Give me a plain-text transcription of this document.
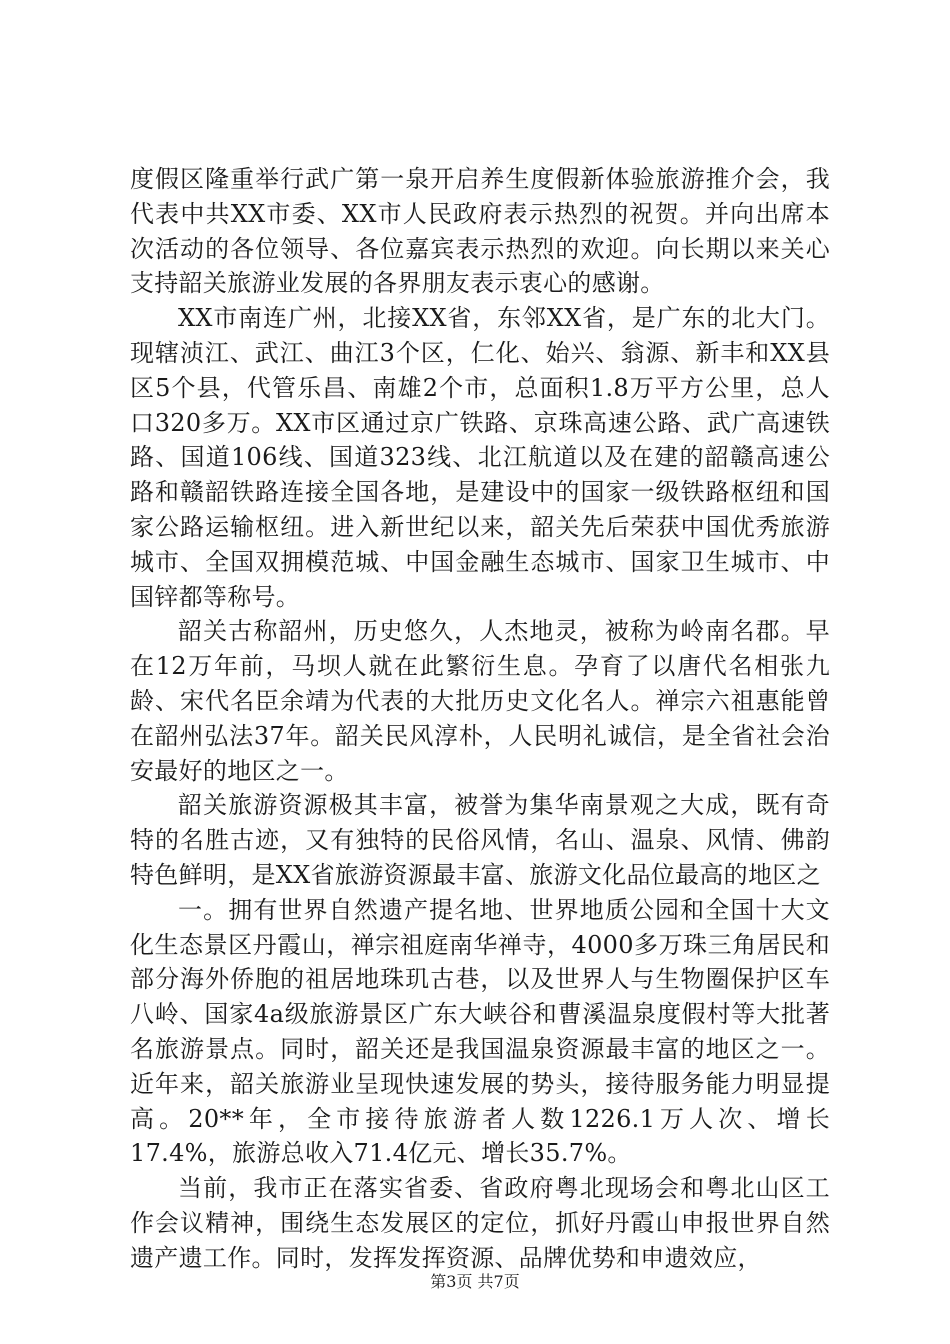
度假区隆重举行武广第一泉开启养生度假新体验旅游推介会，我代表中共XX市委、XX市人民政府表示热烈的祝贺。并向出席本次活动的各位领导、各位嘉宾表示热烈的欢迎。向长期以来关心支持韶关旅游业发展的各界朋友表示衷心的感谢。

XX市南连广州，北接XX省，东邻XX省，是广东的北大门。现辖浈江、武江、曲江3个区，仁化、始兴、翁源、新丰和XX县区5个县，代管乐昌、南雄2个市，总面积1.8万平方公里，总人口320多万。XX市区通过京广铁路、京珠高速公路、武广高速铁路、国道106线、国道323线、北江航道以及在建的韶赣高速公路和赣韶铁路连接全国各地，是建设中的国家一级铁路枢纽和国家公路运输枢纽。进入新世纪以来，韶关先后荣获中国优秀旅游城市、全国双拥模范城、中国金融生态城市、国家卫生城市、中国锌都等称号。

韶关古称韶州，历史悠久，人杰地灵，被称为岭南名郡。早在12万年前，马坝人就在此繁衍生息。孕育了以唐代名相张九龄、宋代名臣余靖为代表的大批历史文化名人。禅宗六祖惠能曾在韶州弘法37年。韶关民风淳朴，人民明礼诚信，是全省社会治安最好的地区之一。

韶关旅游资源极其丰富，被誉为集华南景观之大成，既有奇特的名胜古迹，又有独特的民俗风情，名山、温泉、风情、佛韵特色鲜明，是XX省旅游资源最丰富、旅游文化品位最高的地区之

一。拥有世界自然遗产提名地、世界地质公园和全国十大文化生态景区丹霞山，禅宗祖庭南华禅寺，4000多万珠三角居民和部分海外侨胞的祖居地珠玑古巷，以及世界人与生物圈保护区车八岭、国家4a级旅游景区广东大峡谷和曹溪温泉度假村等大批著名旅游景点。同时，韶关还是我国温泉资源最丰富的地区之一。近年来，韶关旅游业呈现快速发展的势头，接待服务能力明显提高。20**年，全市接待旅游者人数1226.1万人次、增长17.4%，旅游总收入71.4亿元、增长35.7%。

当前，我市正在落实省委、省政府粤北现场会和粤北山区工作会议精神，围绕生态发展区的定位，抓好丹霞山申报世界自然遗产遗工作。同时，发挥发挥资源、品牌优势和申遗效应，

第3页 共7页
